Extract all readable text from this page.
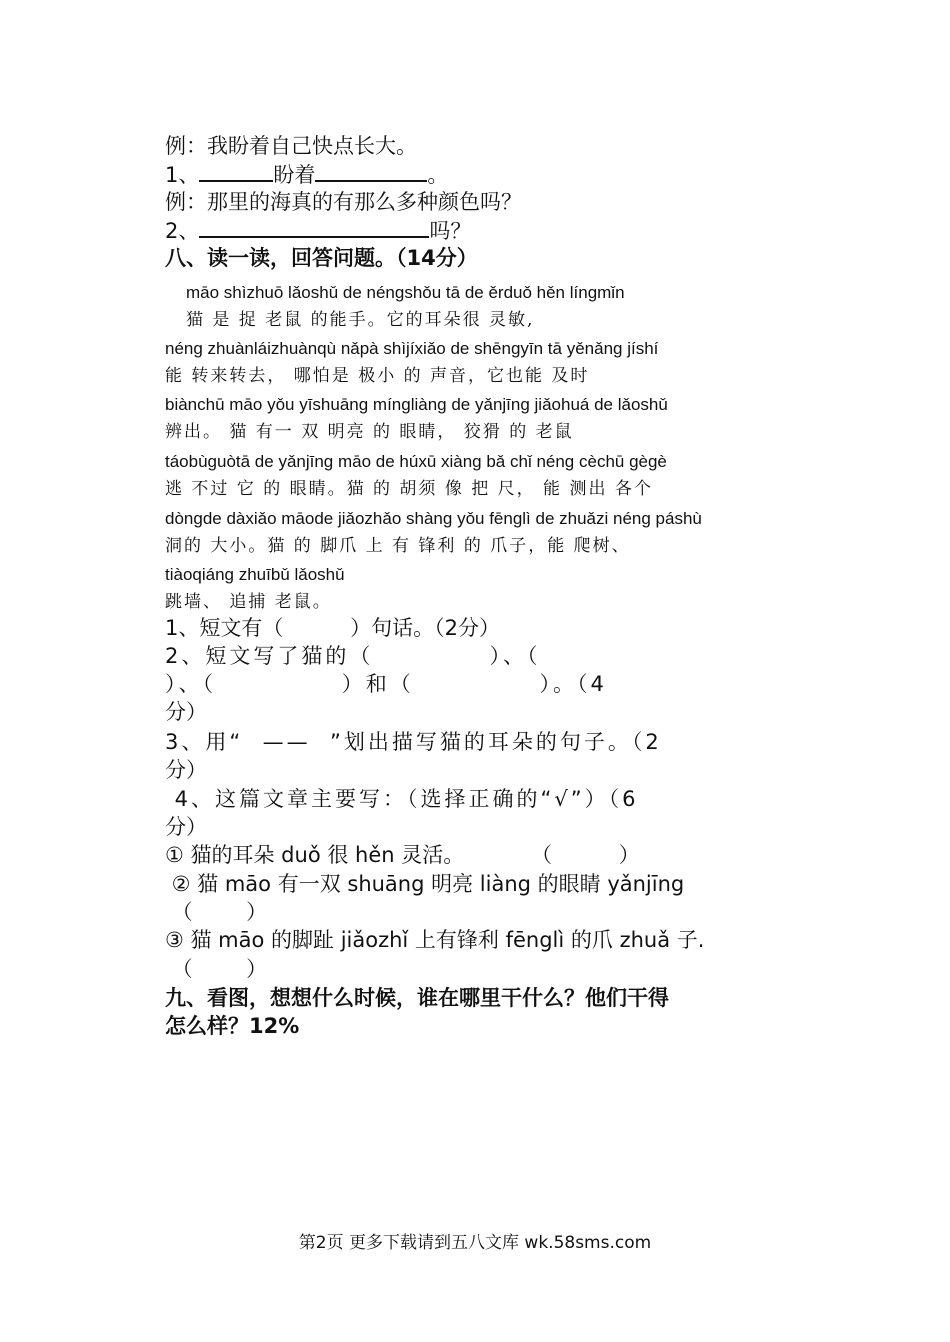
例：我盼着自己快点长大。
1、	盼着	。
例：那里的海真的有那么多种颜色吗？
2、	吗？
八、读一读，回答问题。（14分）
māo shìzhuō lǎoshǔ de néngshǒu tā de ěrduǒ hěn língmǐn
猫 是 捉 老鼠 的能手。它的耳朵很 灵敏,
néng zhuànláizhuànqù nǎpà shìjíxiǎo de shēngyīn tā yěnǎng jíshí
能 转来转去， 哪怕是 极小 的 声音，它也能 及时
biànchū māo yǒu yīshuāng míngliàng de yǎnjīng jiǎohuá de lǎoshǔ
辨出。 猫 有一 双 明亮 的 眼睛， 狡猾 的 老鼠
táobùguòtā de yǎnjīng māo de húxū xiàng bǎ chǐ néng cèchū gègè
逃 不过 它 的 眼睛。猫 的 胡须 像 把 尺， 能 测出 各个
dòngde dàxiǎo māode jiǎozhǎo shàng yǒu fēnglì de zhuǎzi néng páshù
洞的 大小。猫 的 脚爪 上 有 锋利 的 爪子，能 爬树、
tiàoqiáng zhuībǔ lǎoshǔ
跳墙、 追捕 老鼠。
1、短文有（          ）句话。（2分）
2、短文写了猫的（            ）、（
）、（             ）和（             ）。（4
分）
3、用“  ——  ”划出描写猫的耳朵的句子。（2
分）
4、这篇文章主要写：（选择正确的“√”）（6
分）
① 猫的耳朵 duǒ 很 hěn 灵活。          （          ）
② 猫 māo 有一双 shuāng 明亮 liàng 的眼睛 yǎnjīng
（        ）
③ 猫 māo 的脚趾 jiǎozhǐ 上有锋利 fēnglì 的爪 zhuǎ 子.
（        ）
九、看图，想想什么时候，谁在哪里干什么？他们干得
怎么样？12%
第2页 更多下载请到五八文库 wk.58sms.com
